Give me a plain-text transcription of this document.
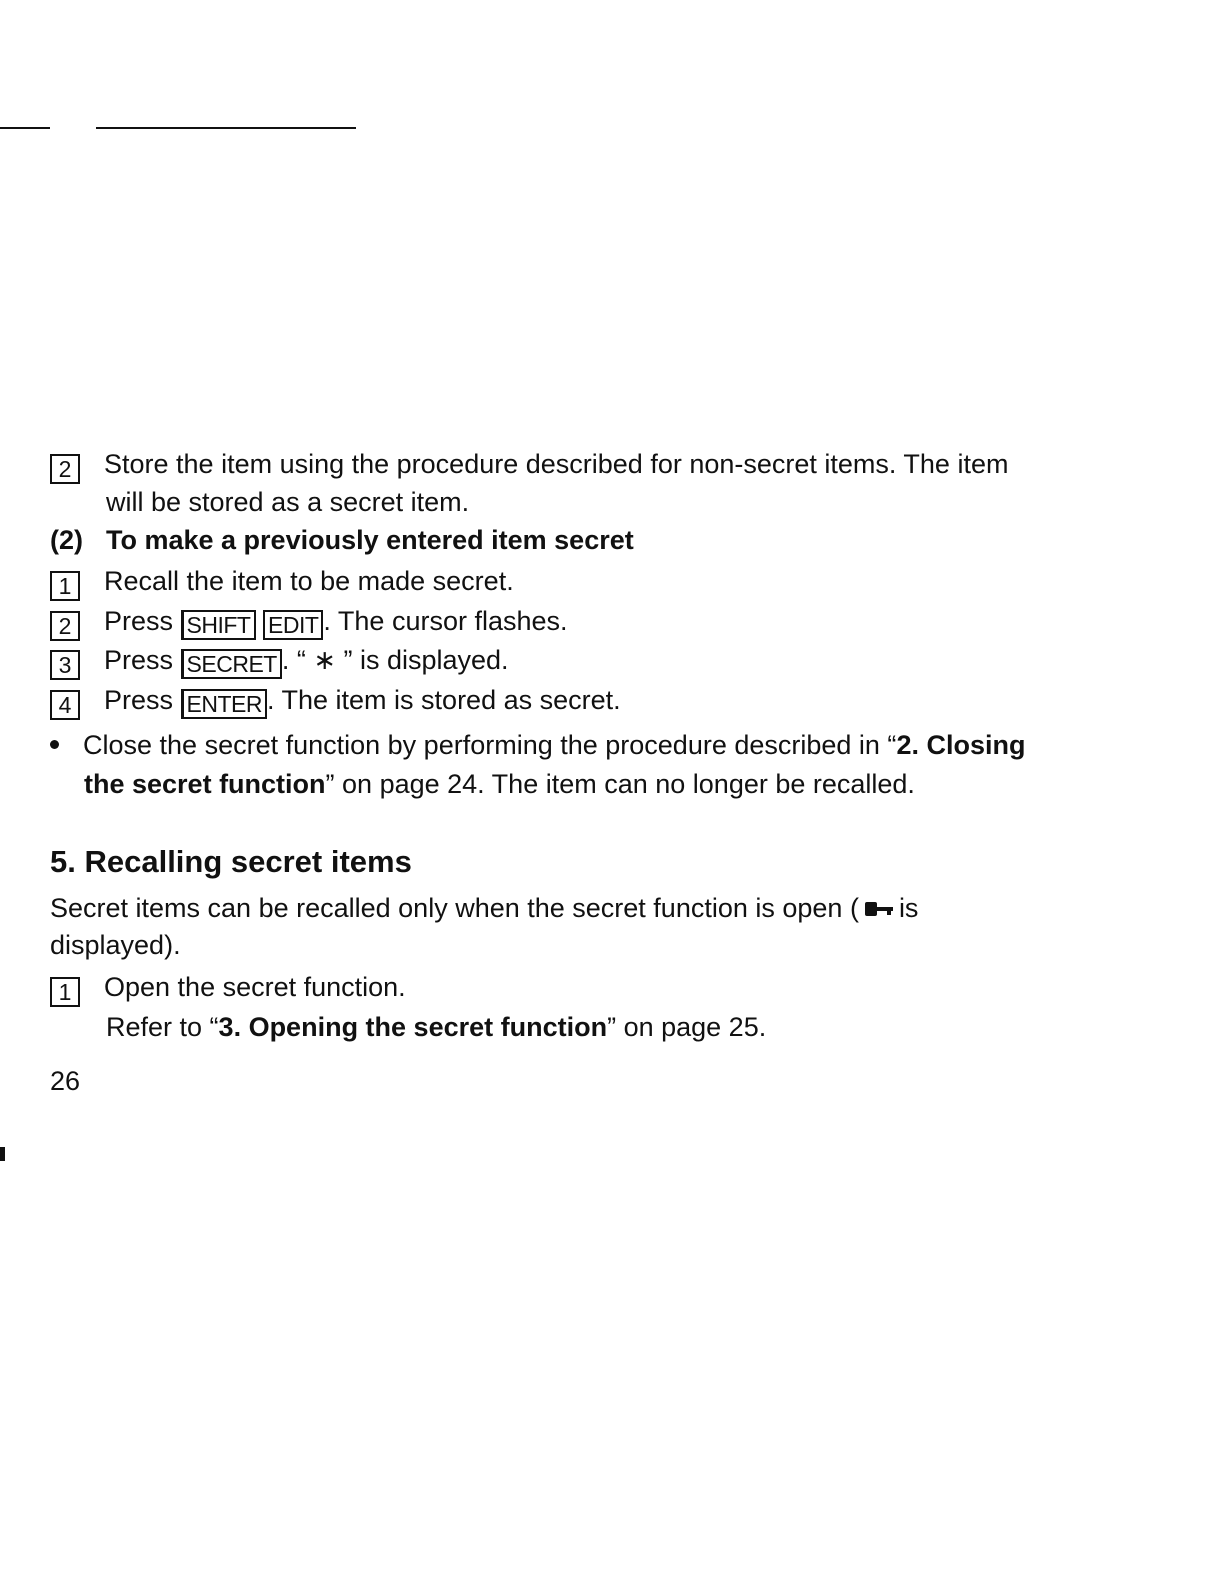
2 Store the item using the procedure described for non-secret items. The item
will be stored as a secret item.
(2) To make a previously entered item secret
1 Recall the item to be made secret.
2 Press SHIFT EDIT . The cursor flashes.
3 Press SECRET . “ ∗ ” is displayed.
4 Press ENTER . The item is stored as secret.
Close the secret function by performing the procedure described in “2. Closing
the secret function” on page 24. The item can no longer be recalled.
5. Recalling secret items
Secret items can be recalled only when the secret function is open ( is
displayed).
1 Open the secret function.
Refer to “3. Opening the secret function” on page 25.
26
